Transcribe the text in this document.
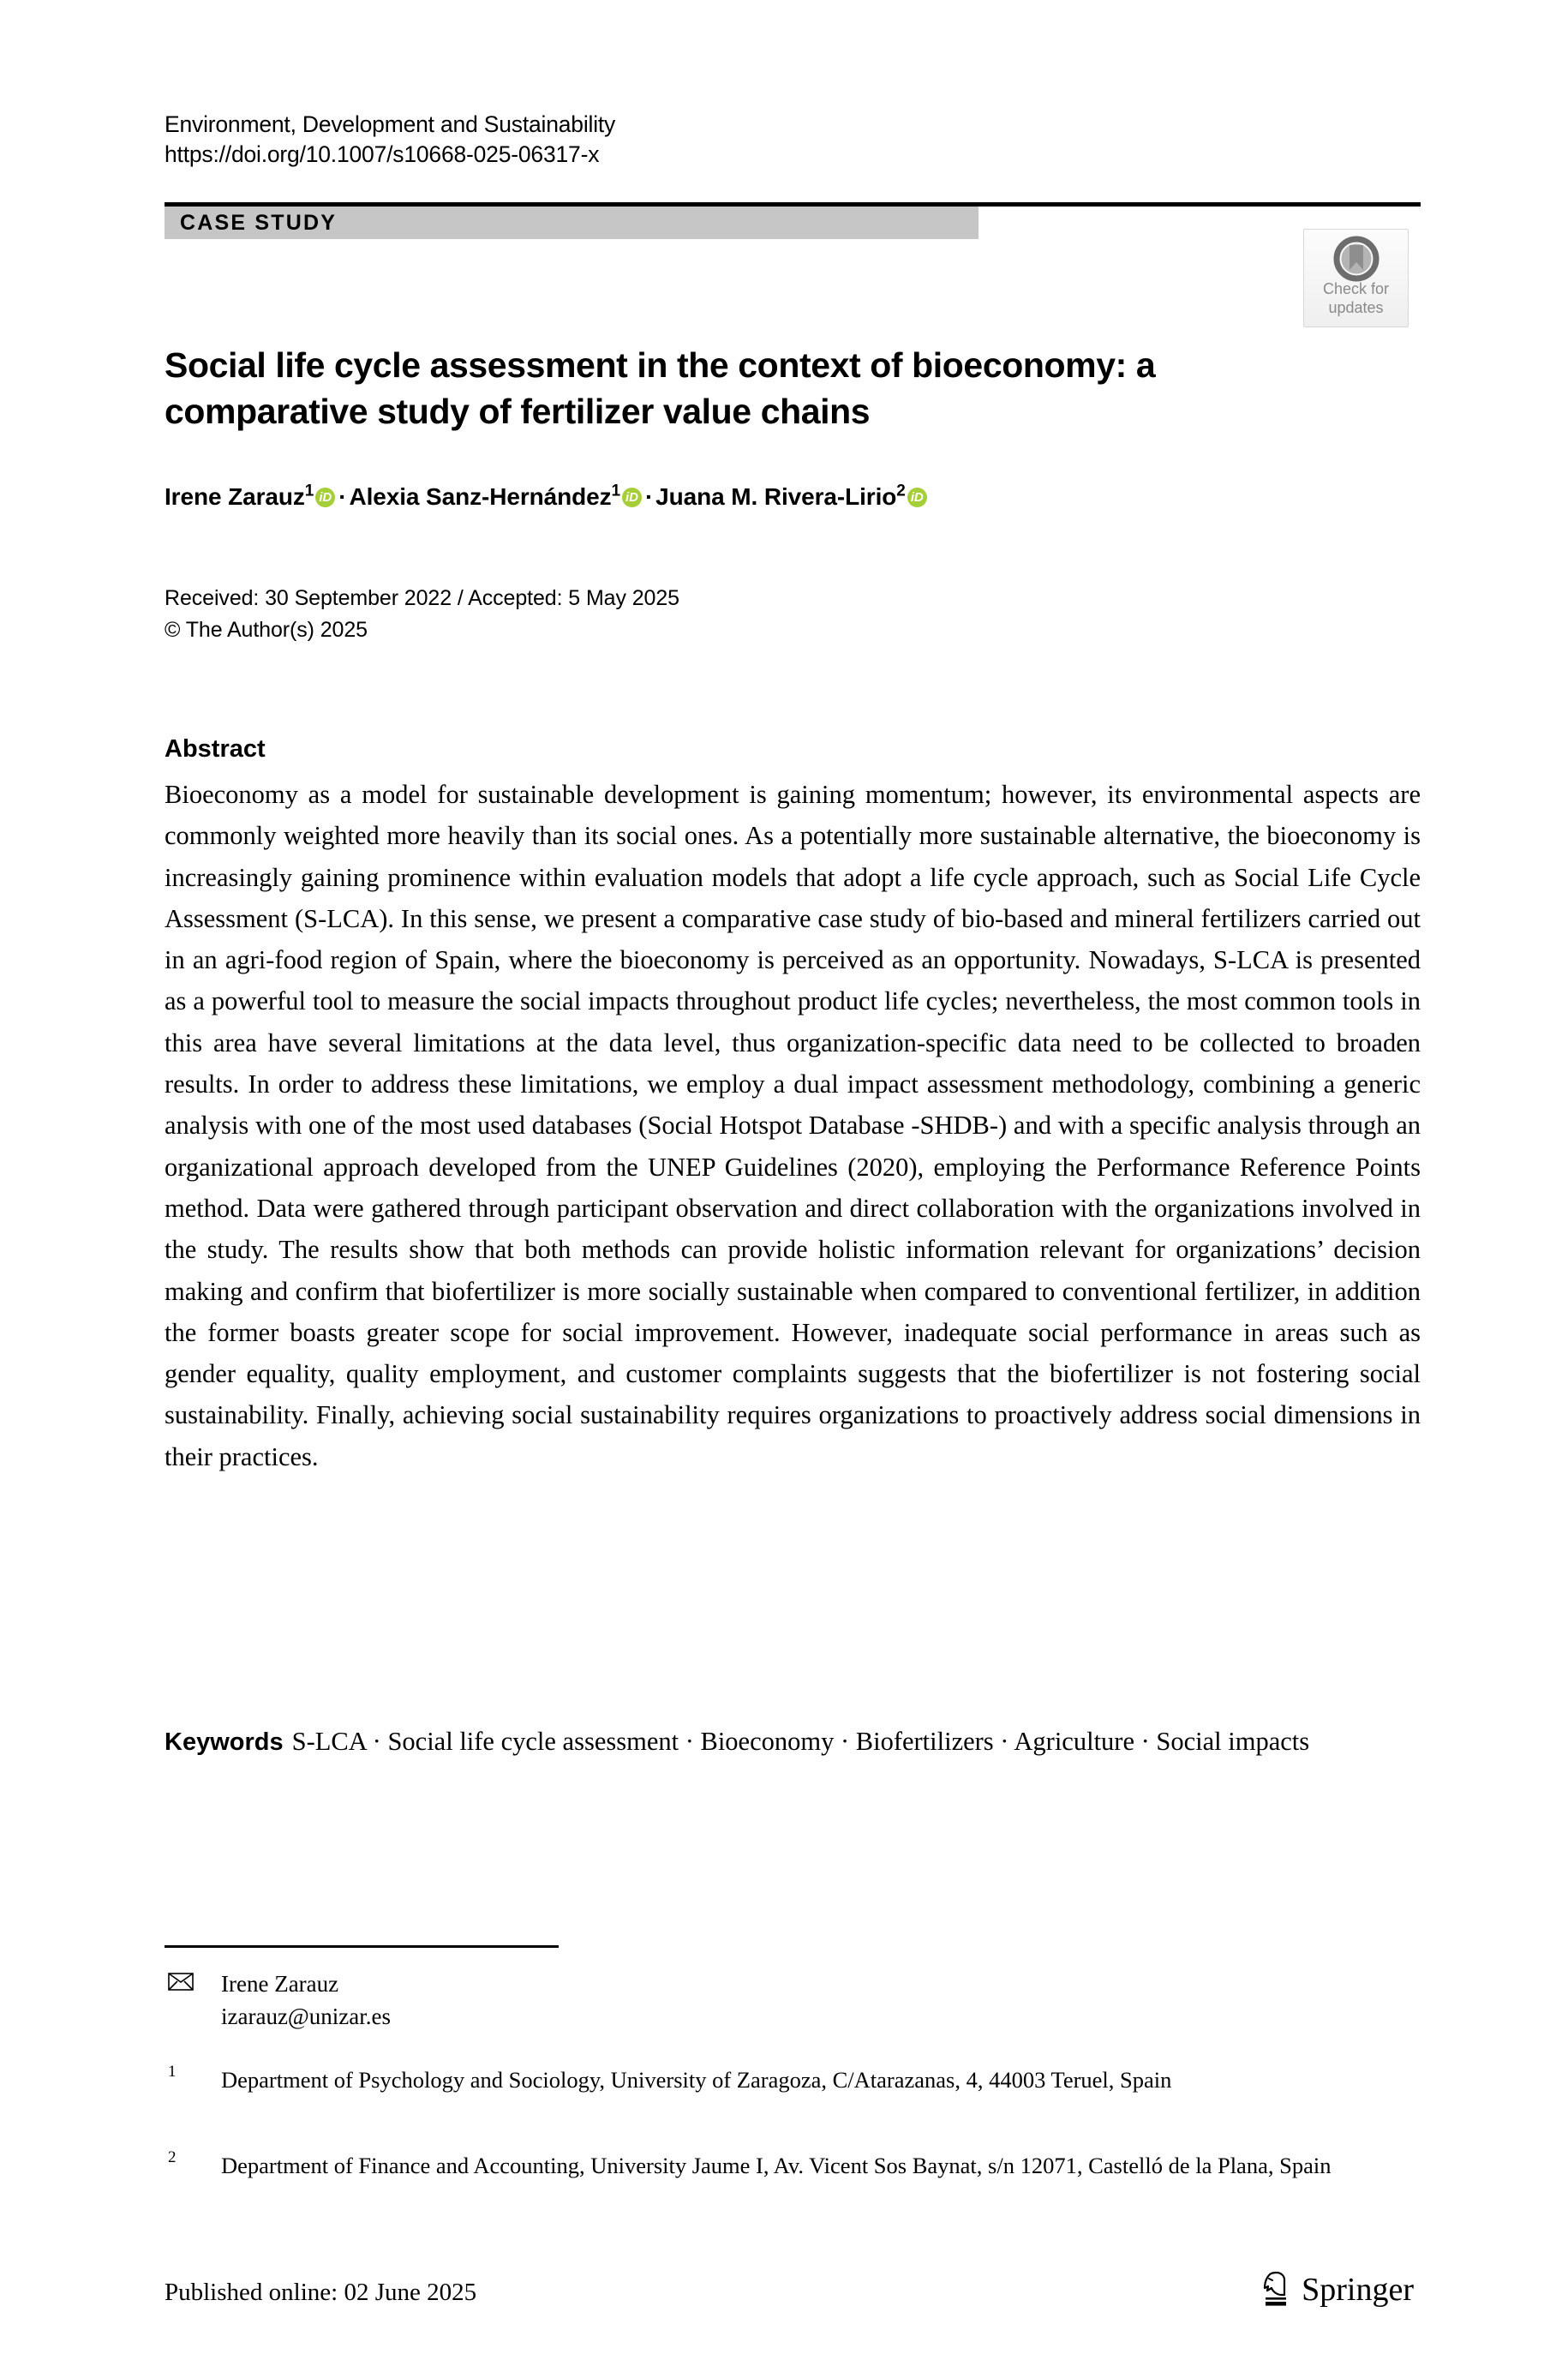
Environment, Development and Sustainability
https://doi.org/10.1007/s10668-025-06317-x
CASE STUDY
Check for
updates
Social life cycle assessment in the context of bioeconomy: a comparative study of fertilizer value chains
Irene Zarauz$^1$ iD · Alexia Sanz-Hernández$^1$ iD · Juana M. Rivera-Lirio$^2$ iD
Received: 30 September 2022 / Accepted: 5 May 2025
© The Author(s) 2025
Abstract
Bioeconomy as a model for sustainable development is gaining momentum; however, its environmental aspects are commonly weighted more heavily than its social ones. As a potentially more sustainable alternative, the bioeconomy is increasingly gaining prominence within evaluation models that adopt a life cycle approach, such as Social Life Cycle Assessment (S-LCA). In this sense, we present a comparative case study of bio-based and mineral fertilizers carried out in an agri-food region of Spain, where the bioeconomy is perceived as an opportunity. Nowadays, S-LCA is presented as a powerful tool to measure the social impacts throughout product life cycles; nevertheless, the most common tools in this area have several limitations at the data level, thus organization-specific data need to be collected to broaden results. In order to address these limitations, we employ a dual impact assessment methodology, combining a generic analysis with one of the most used databases (Social Hotspot Database -SHDB-) and with a specific analysis through an organizational approach developed from the UNEP Guidelines (2020), employing the Performance Reference Points method. Data were gathered through participant observation and direct collaboration with the organizations involved in the study. The results show that both methods can provide holistic information relevant for organizations’ decision making and confirm that biofertilizer is more socially sustainable when compared to conventional fertilizer, in addition the former boasts greater scope for social improvement. However, inadequate social performance in areas such as gender equality, quality employment, and customer complaints suggests that the biofertilizer is not fostering social sustainability. Finally, achieving social sustainability requires organizations to proactively address social dimensions in their practices.
Keywords S-LCA · Social life cycle assessment · Bioeconomy · Biofertilizers · Agriculture · Social impacts
Irene Zarauz
izarauz@unizar.es
1 Department of Psychology and Sociology, University of Zaragoza, C/Atarazanas, 4, 44003 Teruel, Spain
2 Department of Finance and Accounting, University Jaume I, Av. Vicent Sos Baynat, s/n 12071, Castelló de la Plana, Spain
Published online: 02 June 2025	Springer
